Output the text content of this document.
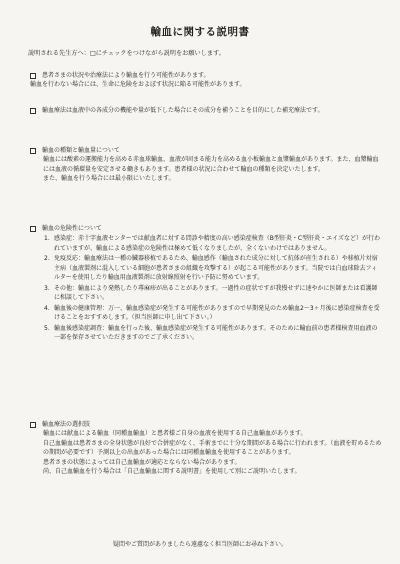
輸血に関する説明書
説明される先生方へ：□にチェックをつけながら説明をお願いします。

患者さまの状況や治療法により輸血を行う可能性があります。

輸血を行わない場合には、生命に危険をおよぼす状況に陥る可能性があります。

輸血療法は血液中の各成分の機能や量が低下した場合にその成分を補うことを目的にした補充療法です。

輸血の種類と輸血量について

輸血には酸素の運搬能力を高める赤血球輸血、血液が固まる能力を高める血小板輸血と血漿輸血があります。また、血漿輸血には血液の循環量を安定させる働きもあります。患者様の状況に合わせて輸血の種類を決定いたします。

また、輸血を行う場合には最小限にいたします。

輸血の危険性について

1. 感染症：赤十字血液センターでは献血者に対する問診や精度の高い感染症検査（B型肝炎・C型肝炎・エイズなど）が行われていますが、輸血による感染症の危険性は極めて低くなりましたが、全くないわけではありません。
2. 免疫反応：輸血療法は一種の臓器移植であるため、輸血感作（輸血された成分に対して抗体が産生される）や移植片対宿主病（血液製剤に混入している細胞が患者さまの組織を攻撃する）が起こる可能性があります。当院では白血球除去フィルターを使用したり輸血用血液製剤に放射線照射を行い予防に努めています。
3. その他：輸血により発熱したり蕁麻疹が出ることがあります。一過性の症状ですが我慢せずに速やかに医師または看護師に相談して下さい。
4. 輸血後の健康管理：万一、輸血感染症が発生する可能性がありますので早期発見のため輸血2～3ヶ月後に感染症検査を受けることをおすすめします。（担当医師に申し出て下さい。）
5. 輸血後感染症調査：輸血を行った後、輸血感染症が発生する可能性があります。そのために輸血前の患者様検査用血液の一部を保存させていただきますのでご了承ください。

輸血療法の選択肢

輸血には献血による輸血（同種血輸血）と患者様ご自身の血液を使用する自己血輸血があります。

自己血輸血は患者さまの全身状態が良好で合併症がなく、手術までに十分な期間がある場合に行われます。（血液を貯めるための期間が必要です）予測以上の出血があった場合には同種血輸血を使用することがあります。

患者さまの状態によっては自己血輸血が適応とならない場合があります。

尚、自己血輸血を行う場合は「自己血輸血に関する説明書」を使用して別にご説明いたします。

疑問やご質問がありましたら遠慮なく担当医師にお尋ね下さい。
